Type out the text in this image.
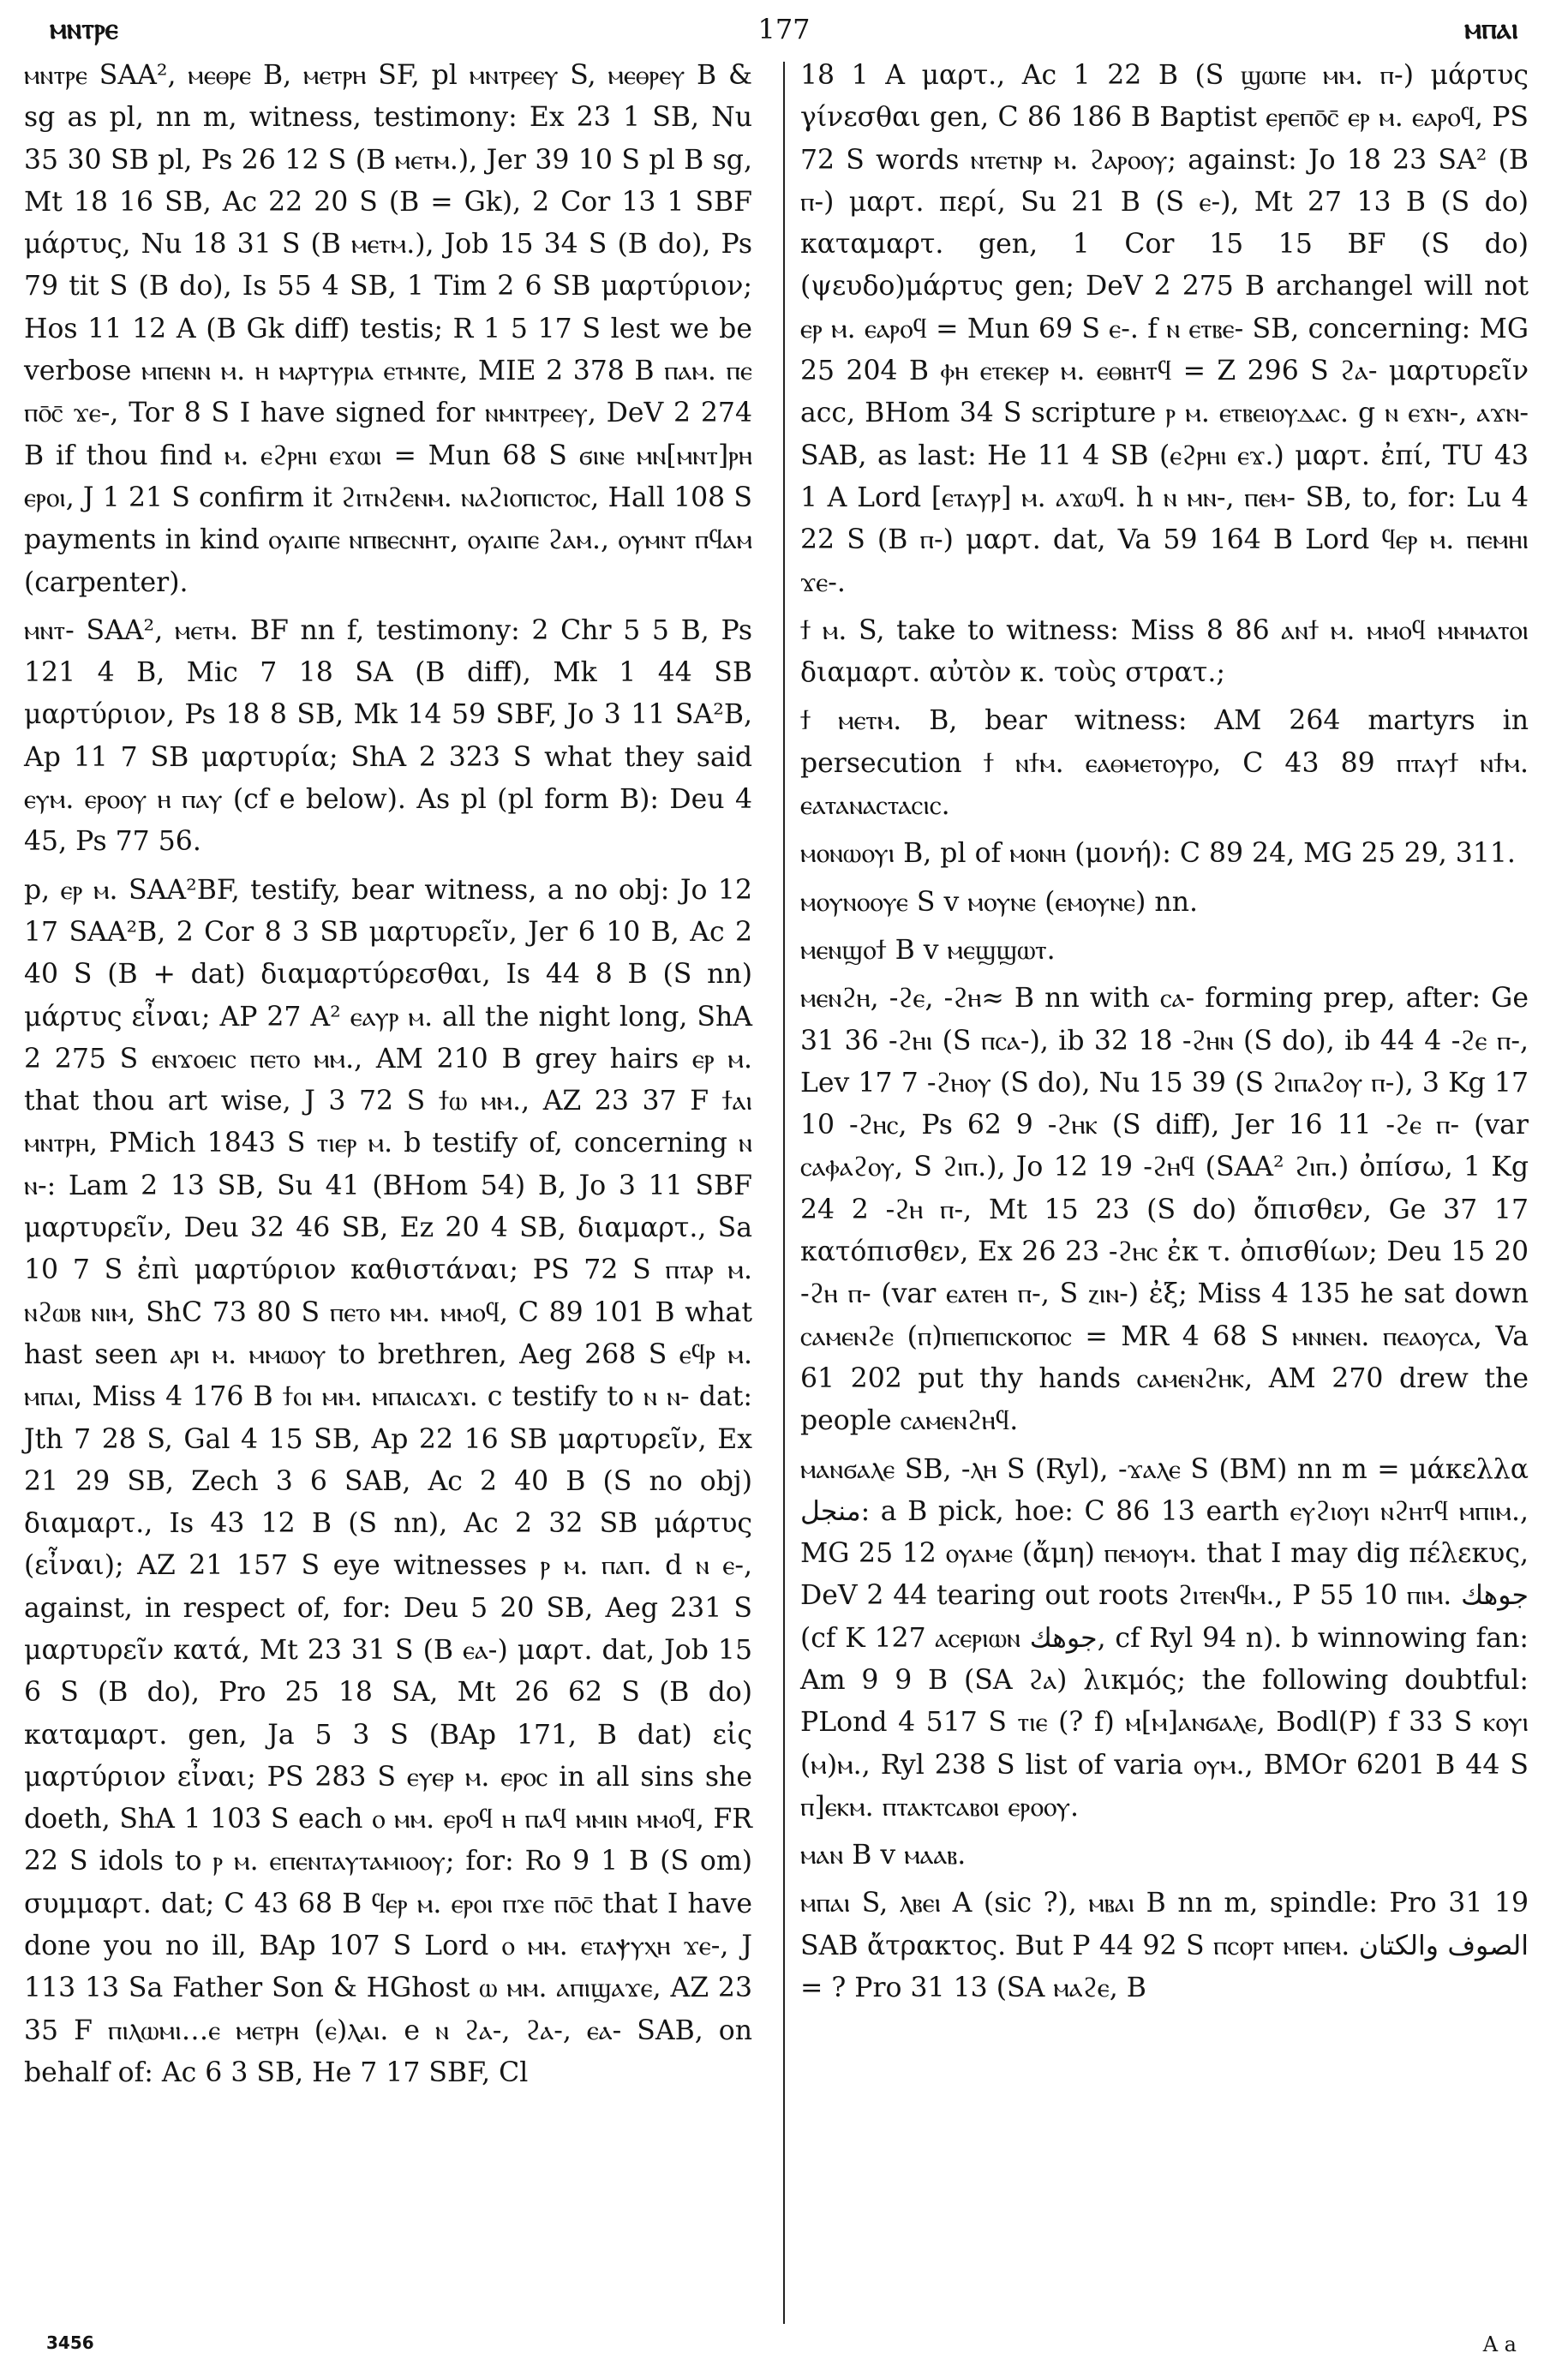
ⲙⲛⲧⲣⲉ	177	ⲙⲡⲁⲓ

ⲙⲛⲧⲣⲉ SAA², ⲙⲉⲑⲣⲉ B, ⲙⲉⲧⲣⲏ SF, pl ⲙⲛⲧⲣⲉⲉⲩ S, ⲙⲉⲑⲣⲉⲩ B & sg as pl, nn m, witness, testimony: Ex 23 1 SB, Nu 35 30 SB pl, Ps 26 12 S (B ⲙⲉⲧⲙ.), Jer 39 10 S pl B sg, Mt 18 16 SB, Ac 22 20 S (B = Gk), 2 Cor 13 1 SBF μάρτυς, Nu 18 31 S (B ⲙⲉⲧⲙ.), Job 15 34 S (B do), Ps 79 tit S (B do), Is 55 4 SB, 1 Tim 2 6 SB μαρτύριον; Hos 11 12 A (B Gk diff) testis; R 1 5 17 S lest we be verbose ⲙⲡⲉⲛⲛ ⲙ. ⲏ ⲙⲁⲣⲧⲩⲣⲓⲁ ⲉⲧⲙⲛⲧⲉ, MIE 2 378 B ⲡⲁⲙ. ⲡⲉ ⲡⲟ̄ⲥ̄ ϫⲉ-, Tor 8 S I have signed for ⲛⲙⲛⲧⲣⲉⲉⲩ, DeV 2 274 B if thou find ⲙ. ⲉϩⲣⲏⲓ ⲉϫⲱⲓ = Mun 68 S ϭⲓⲛⲉ ⲙⲛ[ⲙⲛⲧ]ⲣⲏ ⲉⲣⲟⲓ, J 1 21 S confirm it ϩⲓⲧⲛϩⲉⲛⲙ. ⲛⲁϩⲓⲟⲡⲓⲥⲧⲟⲥ, Hall 108 S payments in kind ⲟⲩⲁⲓⲡⲉ ⲛⲡⲃⲉⲥⲛⲏⲧ, ⲟⲩⲁⲓⲡⲉ ϩⲁⲙ., ⲟⲩⲙⲛⲧ ⲡϥⲁⲙ (carpenter).

ⲙⲛⲧ- SAA², ⲙⲉⲧⲙ. BF nn f, testimony: 2 Chr 5 5 B, Ps 121 4 B, Mic 7 18 SA (B diff), Mk 1 44 SB μαρτύριον, Ps 18 8 SB, Mk 14 59 SBF, Jo 3 11 SA²B, Ap 11 7 SB μαρτυρία; ShA 2 323 S what they said ⲉⲩⲙ. ⲉⲣⲟⲟⲩ ⲏ ⲡⲁⲩ (cf e below). As pl (pl form B): Deu 4 45, Ps 77 56.

p, ⲉⲣ ⲙ. SAA²BF, testify, bear witness, a no obj: Jo 12 17 SAA²B, 2 Cor 8 3 SB μαρτυρεῖν, Jer 6 10 B, Ac 2 40 S (B + dat) διαμαρτύρεσθαι, Is 44 8 B (S nn) μάρτυς εἶναι; AP 27 A² ⲉⲁⲩⲣ ⲙ. all the night long, ShA 2 275 S ⲉⲛϫⲟⲉⲓⲥ ⲡⲉⲧⲟ ⲙⲙ., AM 210 B grey hairs ⲉⲣ ⲙ. that thou art wise, J 3 72 S ϯⲱ ⲙⲙ., AZ 23 37 F ϯⲁⲓ ⲙⲛⲧⲣⲏ, PMich 1843 S ⲧⲓⲉⲣ ⲙ. b testify of, concerning ⲛ ⲛ-: Lam 2 13 SB, Su 41 (BHom 54) B, Jo 3 11 SBF μαρτυρεῖν, Deu 32 46 SB, Ez 20 4 SB, διαμαρτ., Sa 10 7 S ἐπὶ μαρτύριον καθιστάναι; PS 72 S ⲡⲧⲁⲣ ⲙ. ⲛϩⲱⲃ ⲛⲓⲙ, ShC 73 80 S ⲡⲉⲧⲟ ⲙⲙ. ⲙⲙⲟϥ, C 89 101 B what hast seen ⲁⲣⲓ ⲙ. ⲙⲙⲱⲟⲩ to brethren, Aeg 268 S ⲉϥⲣ ⲙ. ⲙⲡⲁⲓ, Miss 4 176 B ϯⲟⲓ ⲙⲙ. ⲙⲡⲁⲓⲥⲁϫⲓ. c testify to ⲛ ⲛ- dat: Jth 7 28 S, Gal 4 15 SB, Ap 22 16 SB μαρτυρεῖν, Ex 21 29 SB, Zech 3 6 SAB, Ac 2 40 B (S no obj) διαμαρτ., Is 43 12 B (S nn), Ac 2 32 SB μάρτυς (εἶναι); AZ 21 157 S eye witnesses ⲣ ⲙ. ⲡⲁⲡ. d ⲛ ⲉ-, against, in respect of, for: Deu 5 20 SB, Aeg 231 S μαρτυρεῖν κατά, Mt 23 31 S (B ⲉⲁ-) μαρτ. dat, Job 15 6 S (B do), Pro 25 18 SA, Mt 26 62 S (B do) καταμαρτ. gen, Ja 5 3 S (BAp 171, B dat) εἰς μαρτύριον εἶναι; PS 283 S ⲉⲩⲉⲣ ⲙ. ⲉⲣⲟⲥ in all sins she doeth, ShA 1 103 S each ⲟ ⲙⲙ. ⲉⲣⲟϥ ⲏ ⲡⲁϥ ⲙⲙⲓⲛ ⲙⲙⲟϥ, FR 22 S idols to ⲣ ⲙ. ⲉⲡⲉⲛⲧⲁⲩⲧⲁⲙⲓⲟⲟⲩ; for: Ro 9 1 B (S om) συμμαρτ. dat; C 43 68 B ϥⲉⲣ ⲙ. ⲉⲣⲟⲓ ⲡϫⲉ ⲡⲟ̄ⲥ̄ that I have done you no ill, BAp 107 S Lord ⲟ ⲙⲙ. ⲉⲧⲁⲯⲩⲭⲏ ϫⲉ-, J 113 13 Sa Father Son & HGhost ⲱ ⲙⲙ. ⲁⲡⲓϣⲁϫⲉ, AZ 23 35 F ⲡⲓⲗⲱⲙⲓ…ⲉ ⲙⲉⲧⲣⲏ (ⲉ)ⲗⲁⲓ. e ⲛ ϩⲁ-, ϩⲁ-, ⲉⲁ- SAB, on behalf of: Ac 6 3 SB, He 7 17 SBF, Cl

18 1 A μαρτ., Ac 1 22 B (S ϣⲱⲡⲉ ⲙⲙ. ⲡ-) μάρτυς γίνεσθαι gen, C 86 186 B Baptist ⲉⲣⲉⲡⲟ̄ⲥ̄ ⲉⲣ ⲙ. ⲉⲁⲣⲟϥ, PS 72 S words ⲛⲧⲉⲧⲛⲣ ⲙ. ϩⲁⲣⲟⲟⲩ; against: Jo 18 23 SA² (B ⲡ-) μαρτ. περί, Su 21 B (S ⲉ-), Mt 27 13 B (S do) καταμαρτ. gen, 1 Cor 15 15 BF (S do) (ψευδο)μάρτυς gen; DeV 2 275 B archangel will not ⲉⲣ ⲙ. ⲉⲁⲣⲟϥ = Mun 69 S ⲉ-. f ⲛ ⲉⲧⲃⲉ- SB, concerning: MG 25 204 B ⲫⲏ ⲉⲧⲉⲕⲉⲣ ⲙ. ⲉⲑⲃⲏⲧϥ = Z 296 S ϩⲁ- μαρτυρεῖν acc, BHom 34 S scripture ⲣ ⲙ. ⲉⲧⲃⲉⲓⲟⲩⲇⲁⲥ. g ⲛ ⲉϫⲛ-, ⲁϫⲛ- SAB, as last: He 11 4 SB (ⲉϩⲣⲏⲓ ⲉϫ.) μαρτ. ἐπί, TU 43 1 A Lord [ⲉⲧⲁⲩⲣ] ⲙ. ⲁϫⲱϥ. h ⲛ ⲙⲛ-, ⲡⲉⲙ- SB, to, for: Lu 4 22 S (B ⲡ-) μαρτ. dat, Va 59 164 B Lord ϥⲉⲣ ⲙ. ⲡⲉⲙⲏⲓ ϫⲉ-.

ϯ ⲙ. S, take to witness: Miss 8 86 ⲁⲛϯ ⲙ. ⲙⲙⲟϥ ⲙⲙⲙⲁⲧⲟⲓ διαμαρτ. αὐτὸν κ. τοὺς στρατ.;

ϯ ⲙⲉⲧⲙ. B, bear witness: AM 264 martyrs in persecution ϯ ⲛϯⲙ. ⲉⲁⲑⲙⲉⲧⲟⲩⲣⲟ, C 43 89 ⲡⲧⲁⲩϯ ⲛϯⲙ. ⲉⲁⲧⲁⲛⲁⲥⲧⲁⲥⲓⲥ.

ⲙⲟⲛⲱⲟⲩⲓ B, pl of ⲙⲟⲛⲏ (μονή): C 89 24, MG 25 29, 311.

ⲙⲟⲩⲛⲟⲟⲩⲉ S v ⲙⲟⲩⲛⲉ (ⲉⲙⲟⲩⲛⲉ) nn.

ⲙⲉⲛϣⲟϯ B v ⲙⲉϣϣⲱⲧ.

ⲙⲉⲛϩⲏ, -ϩⲉ, -ϩⲏ≈ B nn with ⲥⲁ- forming prep, after: Ge 31 36 -ϩⲏⲓ (S ⲡⲥⲁ-), ib 32 18 -ϩⲏⲛ (S do), ib 44 4 -ϩⲉ ⲡ-, Lev 17 7 -ϩⲏⲟⲩ (S do), Nu 15 39 (S ϩⲓⲡⲁϩⲟⲩ ⲡ-), 3 Kg 17 10 -ϩⲏⲥ, Ps 62 9 -ϩⲏⲕ (S diff), Jer 16 11 -ϩⲉ ⲡ- (var ⲥⲁⲫⲁϩⲟⲩ, S ϩⲓⲡ.), Jo 12 19 -ϩⲏϥ (SAA² ϩⲓⲡ.) ὀπίσω, 1 Kg 24 2 -ϩⲏ ⲡ-, Mt 15 23 (S do) ὄπισθεν, Ge 37 17 κατόπισθεν, Ex 26 23 -ϩⲏⲥ ἐκ τ. ὀπισθίων; Deu 15 20 -ϩⲏ ⲡ- (var ⲉⲁⲧⲉⲏ ⲡ-, S ⲍⲓⲛ-) ἐξ; Miss 4 135 he sat down ⲥⲁⲙⲉⲛϩⲉ (ⲡ)ⲡⲓⲉⲡⲓⲥⲕⲟⲡⲟⲥ = MR 4 68 S ⲙⲛⲛⲉⲛ. ⲡⲉⲁⲟⲩⲥⲁ, Va 61 202 put thy hands ⲥⲁⲙⲉⲛϩⲏⲕ, AM 270 drew the people ⲥⲁⲙⲉⲛϩⲏϥ.

ⲙⲁⲛϭⲁⲗⲉ SB, -ⲗⲏ S (Ryl), -ϫⲁⲗⲉ S (BM) nn m = μάκελλα منجل: a B pick, hoe: C 86 13 earth ⲉⲩϩⲓⲟⲩⲓ ⲛϩⲏⲧϥ ⲙⲡⲓⲙ., MG 25 12 ⲟⲩⲁⲙⲉ (ἄμη) ⲡⲉⲙⲟⲩⲙ. that I may dig πέλεκυς, DeV 2 44 tearing out roots ϩⲓⲧⲉⲛϥⲙ., P 55 10 ⲡⲓⲙ. جوهك (cf K 127 ⲁⲥⲉⲣⲓⲱⲛ جوهك, cf Ryl 94 n). b winnowing fan: Am 9 9 B (SA ϩⲁ) λικμός; the following doubtful: PLond 4 517 S ⲧⲓⲉ (? f) ⲙ[ⲙ]ⲁⲛϭⲁⲗⲉ, Bodl(P) f 33 S ⲕⲟⲩⲓ (ⲙ)ⲙ., Ryl 238 S list of varia ⲟⲩⲙ., BMOr 6201 B 44 S ⲡ]ⲉⲕⲙ. ⲡⲧⲁⲕⲧⲥⲁⲃⲟⲓ ⲉⲣⲟⲟⲩ.

ⲙⲁⲛ B v ⲙⲁⲁⲃ.

ⲙⲡⲁⲓ S, ⲗⲃⲉⲓ A (sic ?), ⲙⲃⲁⲓ B nn m, spindle: Pro 31 19 SAB ἄτρακτος. But P 44 92 S ⲡⲥⲟⲣⲧ ⲙⲡⲉⲙ. الصوف والكتان = ? Pro 31 13 (SA ⲙⲁϩⲉ, B

3456	A a
